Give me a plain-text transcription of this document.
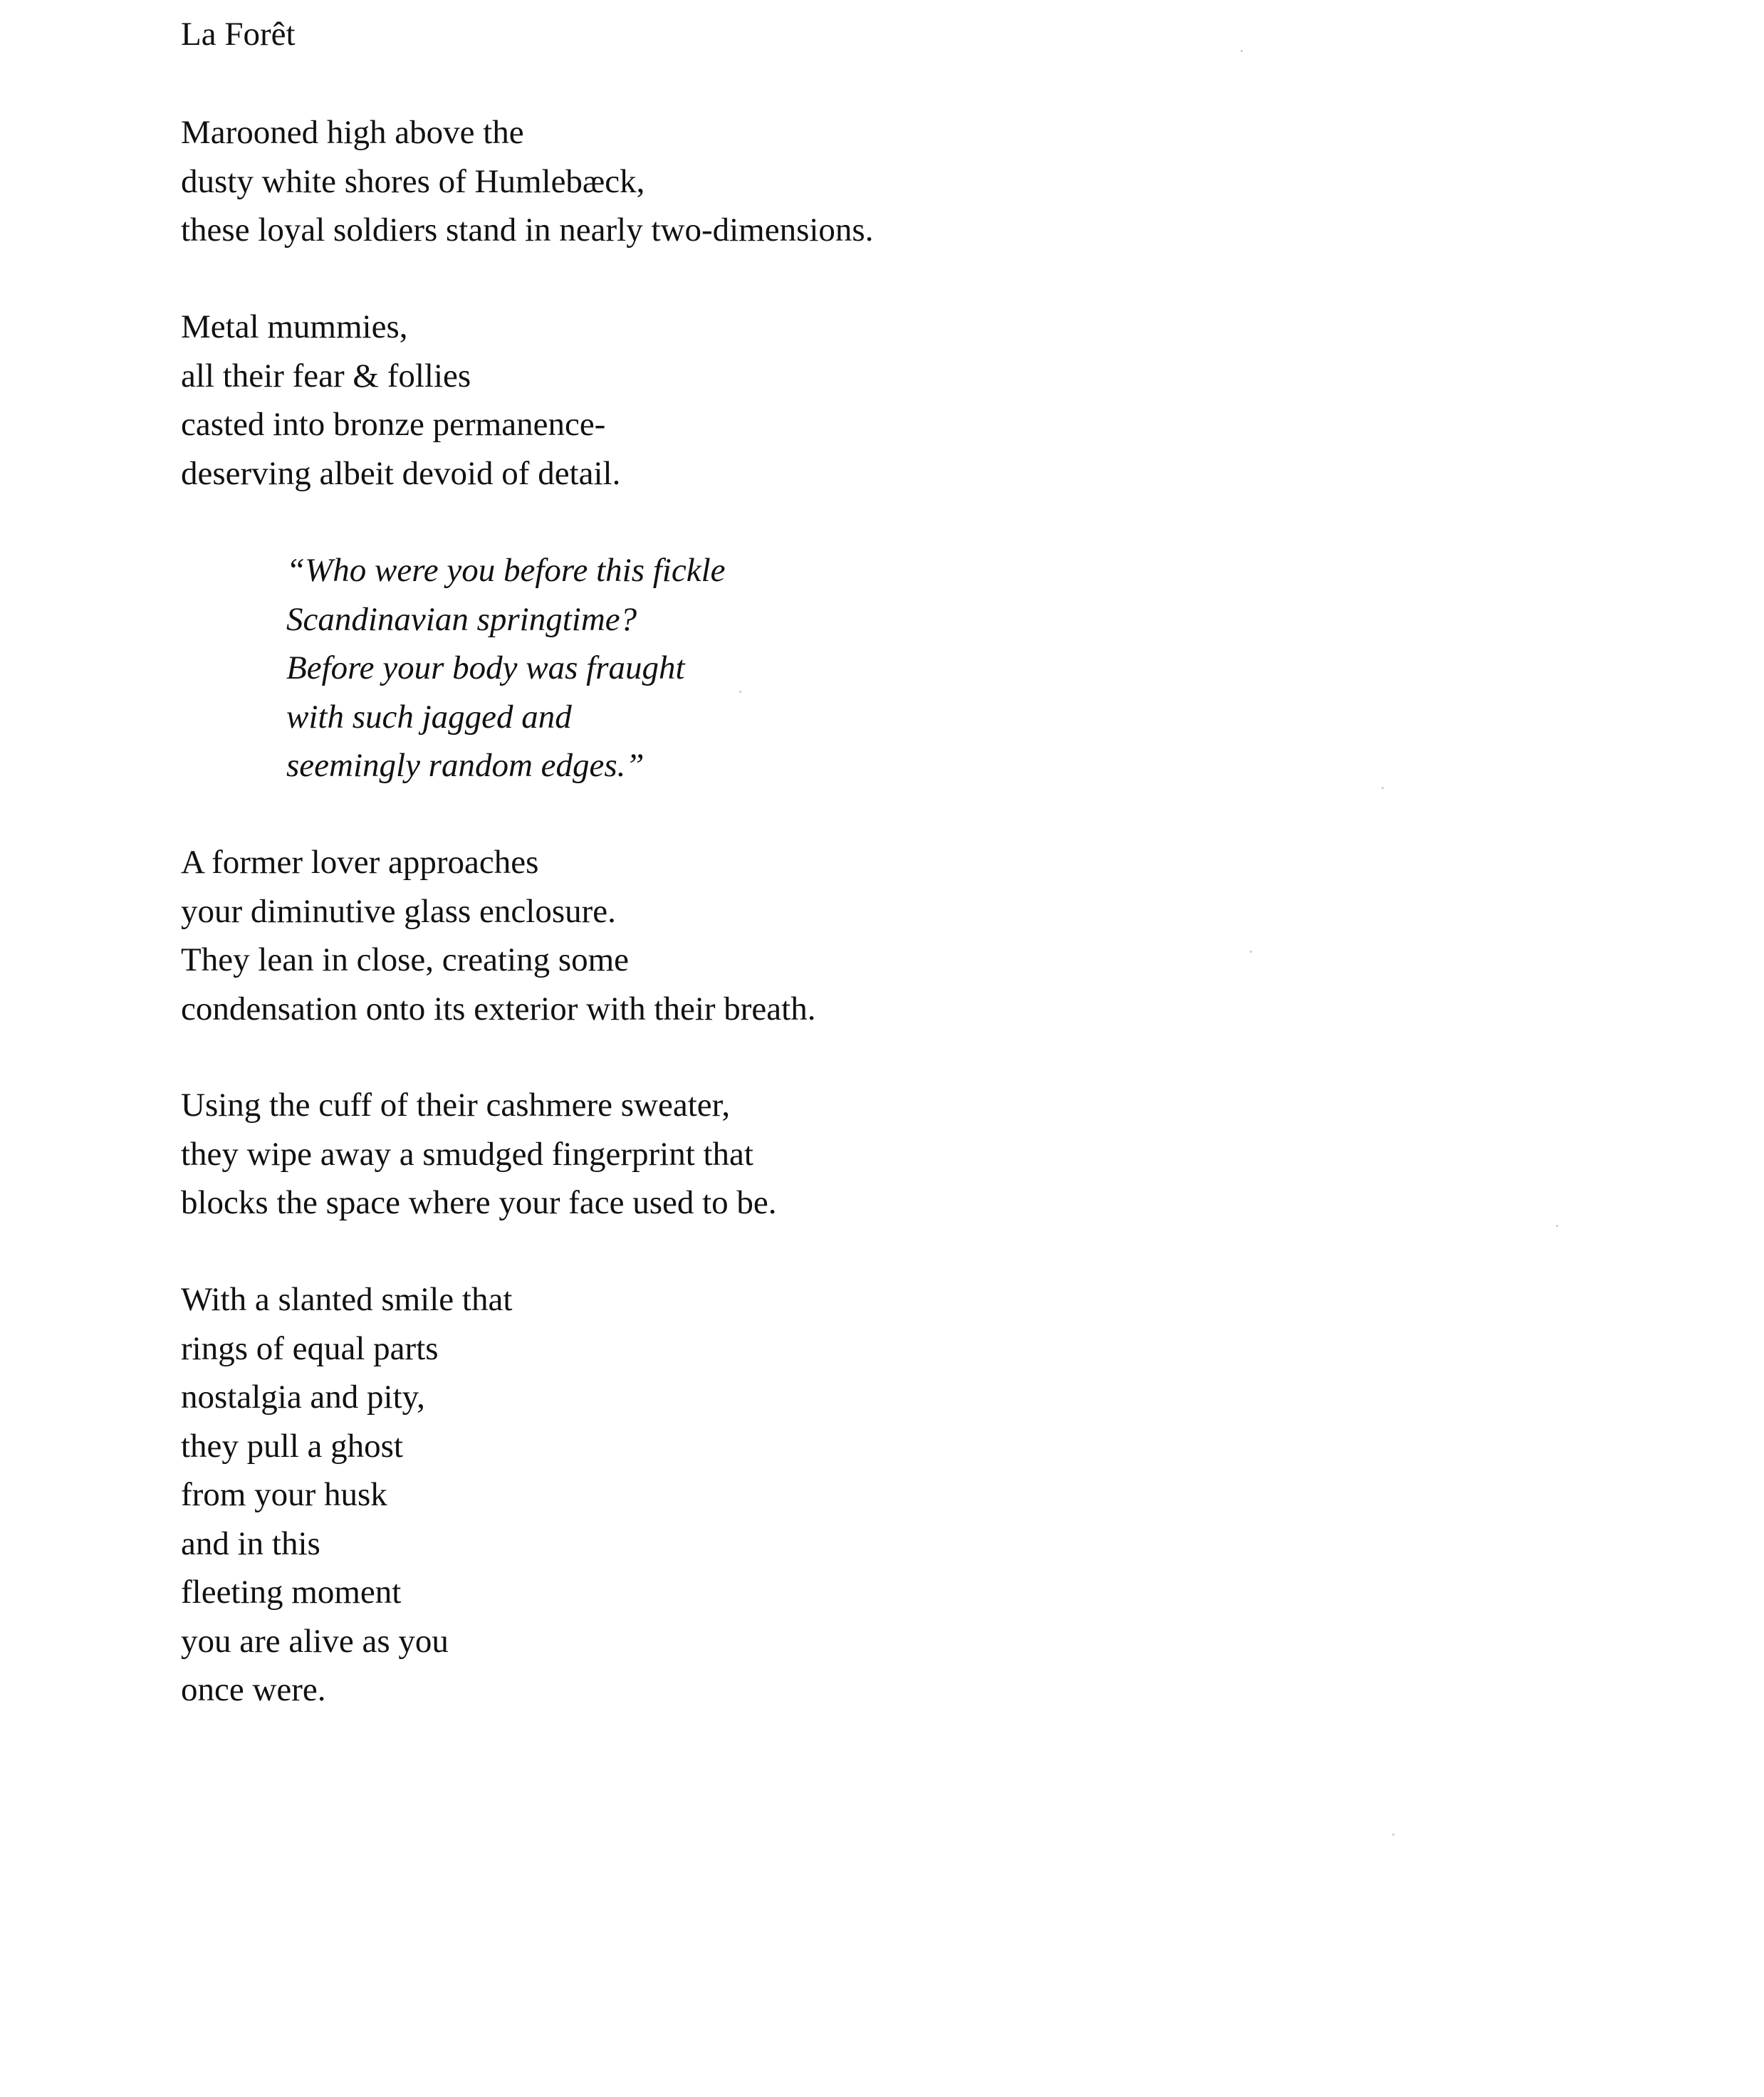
La Forêt
Marooned high above the
dusty white shores of Humlebæck,
these loyal soldiers stand in nearly two-dimensions.
Metal mummies,
all their fear & follies
casted into bronze permanence-
deserving albeit devoid of detail.
“Who were you before this fickle
Scandinavian springtime?
Before your body was fraught
with such jagged and
seemingly random edges.”
A former lover approaches
your diminutive glass enclosure.
They lean in close, creating some
condensation onto its exterior with their breath.
Using the cuff of their cashmere sweater,
they wipe away a smudged fingerprint that
blocks the space where your face used to be.
With a slanted smile that
rings of equal parts
nostalgia and pity,
they pull a ghost
from your husk
and in this
fleeting moment
you are alive as you
once were.
